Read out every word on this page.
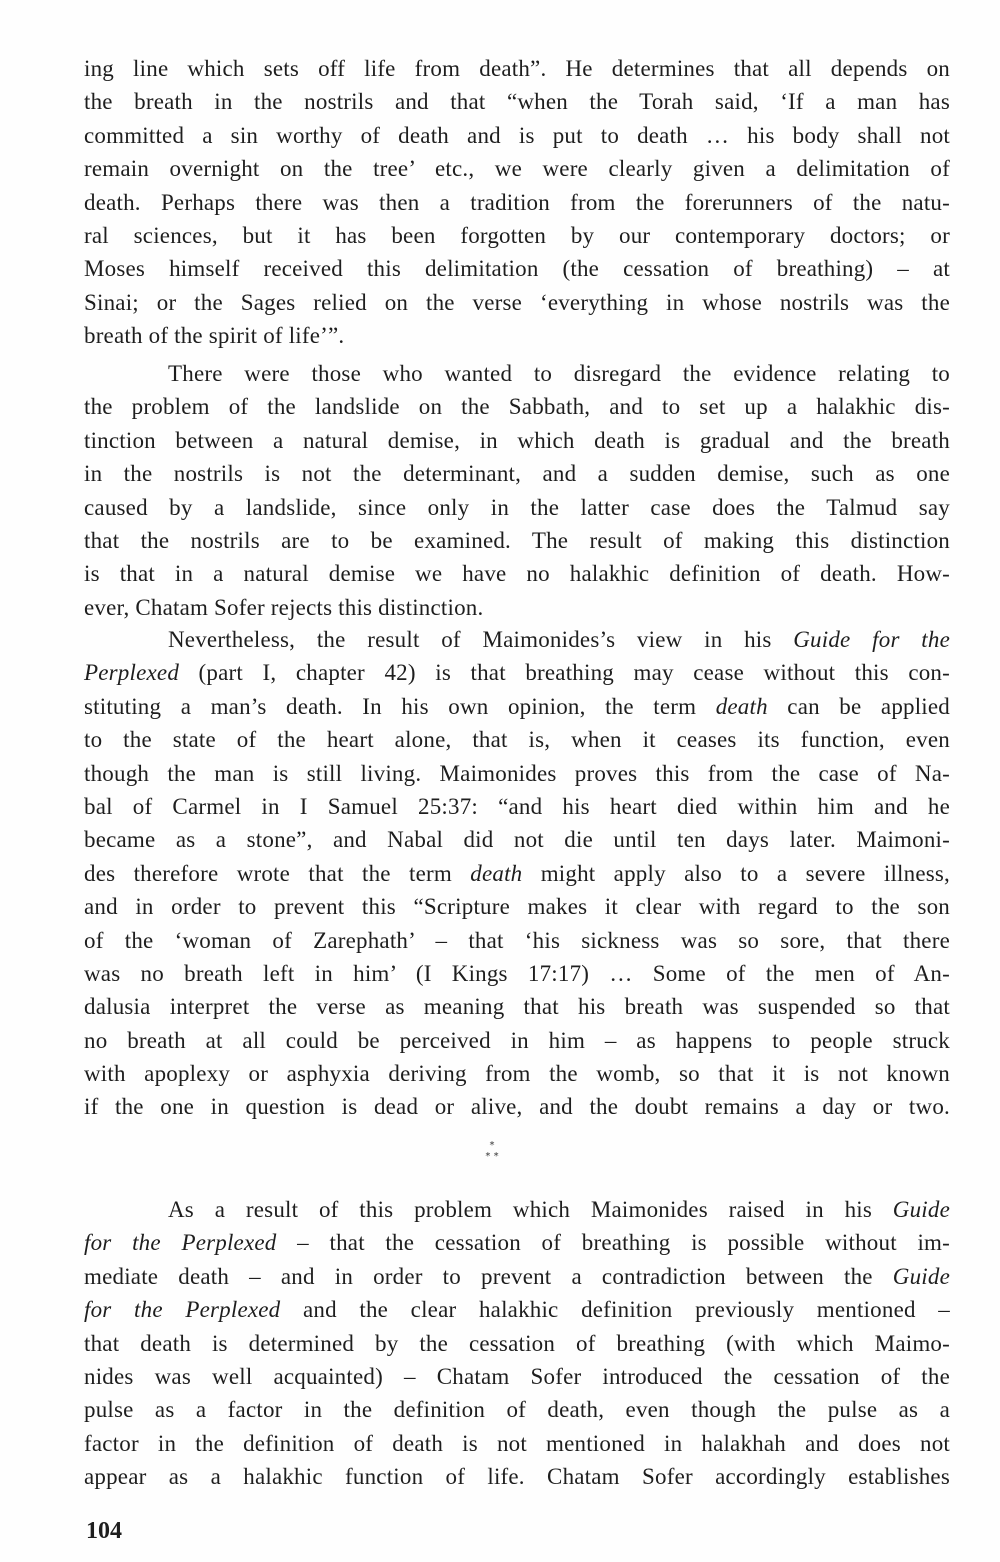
ing line which sets off life from death”. He determines that all depends on
the breath in the nostrils and that “when the Torah said, ‘If a man has
committed a sin worthy of death and is put to death … his body shall not
remain overnight on the tree’ etc., we were clearly given a delimitation of
death. Perhaps there was then a tradition from the forerunners of the natu-
ral sciences, but it has been forgotten by our contemporary doctors; or
Moses himself received this delimitation (the cessation of breathing) – at
Sinai; or the Sages relied on the verse ‘everything in whose nostrils was the
breath of the spirit of life’”.
There were those who wanted to disregard the evidence relating to
the problem of the landslide on the Sabbath, and to set up a halakhic dis-
tinction between a natural demise, in which death is gradual and the breath
in the nostrils is not the determinant, and a sudden demise, such as one
caused by a landslide, since only in the latter case does the Talmud say
that the nostrils are to be examined. The result of making this distinction
is that in a natural demise we have no halakhic definition of death. How-
ever, Chatam Sofer rejects this distinction.
Nevertheless, the result of Maimonides’s view in his Guide for the
Perplexed (part I, chapter 42) is that breathing may cease without this con-
stituting a man’s death. In his own opinion, the term death can be applied
to the state of the heart alone, that is, when it ceases its function, even
though the man is still living. Maimonides proves this from the case of Na-
bal of Carmel in I Samuel 25:37: “and his heart died within him and he
became as a stone”, and Nabal did not die until ten days later. Maimoni-
des therefore wrote that the term death might apply also to a severe illness,
and in order to prevent this “Scripture makes it clear with regard to the son
of the ‘woman of Zarephath’ – that ‘his sickness was so sore, that there
was no breath left in him’ (I Kings 17:17) … Some of the men of An-
dalusia interpret the verse as meaning that his breath was suspended so that
no breath at all could be perceived in him – as happens to people struck
with apoplexy or asphyxia deriving from the womb, so that it is not known
if the one in question is dead or alive, and the doubt remains a day or two.
*
* *
As a result of this problem which Maimonides raised in his Guide
for the Perplexed – that the cessation of breathing is possible without im-
mediate death – and in order to prevent a contradiction between the Guide
for the Perplexed and the clear halakhic definition previously mentioned –
that death is determined by the cessation of breathing (with which Maimo-
nides was well acquainted) – Chatam Sofer introduced the cessation of the
pulse as a factor in the definition of death, even though the pulse as a
factor in the definition of death is not mentioned in halakhah and does not
appear as a halakhic function of life. Chatam Sofer accordingly establishes
104
